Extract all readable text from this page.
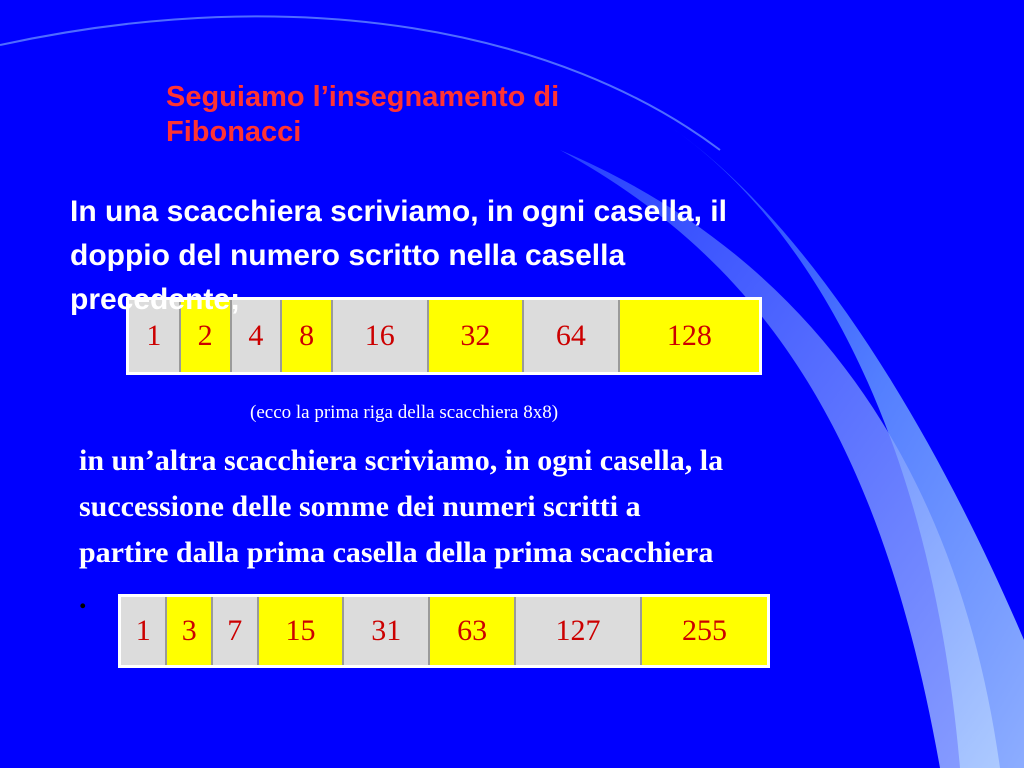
Seguiamo l’insegnamento di
Fibonacci
In una scacchiera scriviamo, in ogni casella, il
doppio del numero scritto nella casella
precedente;
1	2	4	8	16	32	64	128
(ecco la prima riga della scacchiera 8x8)
in un’altra scacchiera scriviamo, in ogni casella, la
successione delle somme dei numeri scritti a
partire dalla prima casella della prima scacchiera
.
1	3	7	15	31	63	127	255
